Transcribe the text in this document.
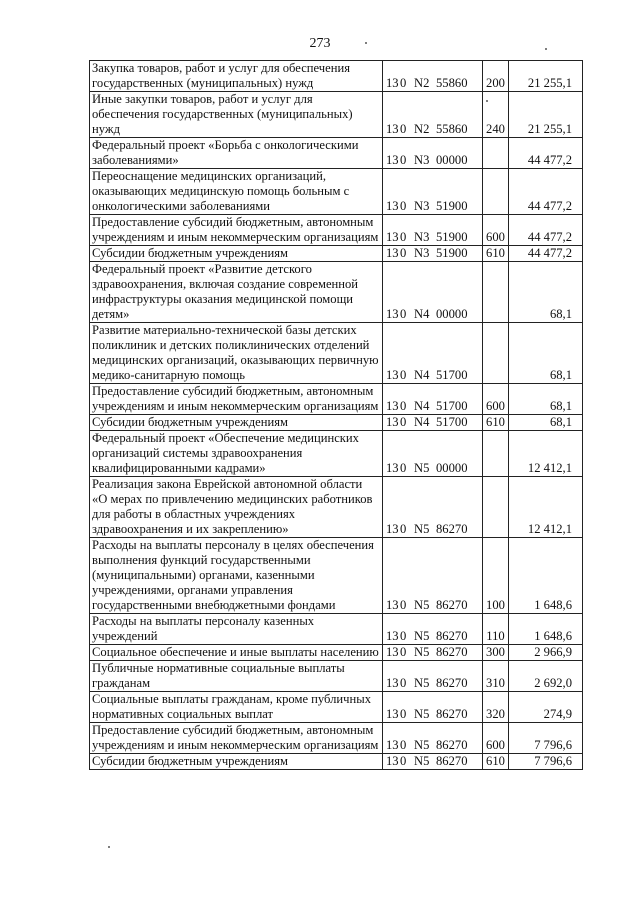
273
Закупка товаров, работ и услуг для обеспечения государственных (муниципальных) нужд	130 N2 55860	200	21 255,1
Иные закупки товаров, работ и услуг для обеспечения государственных (муниципальных) нужд	130 N2 55860	240	21 255,1
Федеральный проект «Борьба с онкологическими заболеваниями»	130 N3 00000		44 477,2
Переоснащение медицинских организаций, оказывающих медицинскую помощь больным с онкологическими заболеваниями	130 N3 51900		44 477,2
Предоставление субсидий бюджетным, автономным учреждениям и иным некоммерческим организациям	130 N3 51900	600	44 477,2
Субсидии бюджетным учреждениям	130 N3 51900	610	44 477,2
Федеральный проект «Развитие детского здравоохранения, включая создание современной инфраструктуры оказания медицинской помощи детям»	130 N4 00000		68,1
Развитие материально-технической базы детских поликлиник и детских поликлинических отделений медицинских организаций, оказывающих первичную медико-санитарную помощь	130 N4 51700		68,1
Предоставление субсидий бюджетным, автономным учреждениям и иным некоммерческим организациям	130 N4 51700	600	68,1
Субсидии бюджетным учреждениям	130 N4 51700	610	68,1
Федеральный проект «Обеспечение медицинских организаций системы здравоохранения квалифицированными кадрами»	130 N5 00000		12 412,1
Реализация закона Еврейской автономной области «О мерах по привлечению медицинских работников для работы в областных учреждениях здравоохранения и их закреплению»	130 N5 86270		12 412,1
Расходы на выплаты персоналу в целях обеспечения выполнения функций государственными (муниципальными) органами, казенными учреждениями, органами управления государственными внебюджетными фондами	130 N5 86270	100	1 648,6
Расходы на выплаты персоналу казенных учреждений	130 N5 86270	110	1 648,6
Социальное обеспечение и иные выплаты населению	130 N5 86270	300	2 966,9
Публичные нормативные социальные выплаты гражданам	130 N5 86270	310	2 692,0
Социальные выплаты гражданам, кроме публичных нормативных социальных выплат	130 N5 86270	320	274,9
Предоставление субсидий бюджетным, автономным учреждениям и иным некоммерческим организациям	130 N5 86270	600	7 796,6
Субсидии бюджетным учреждениям	130 N5 86270	610	7 796,6
